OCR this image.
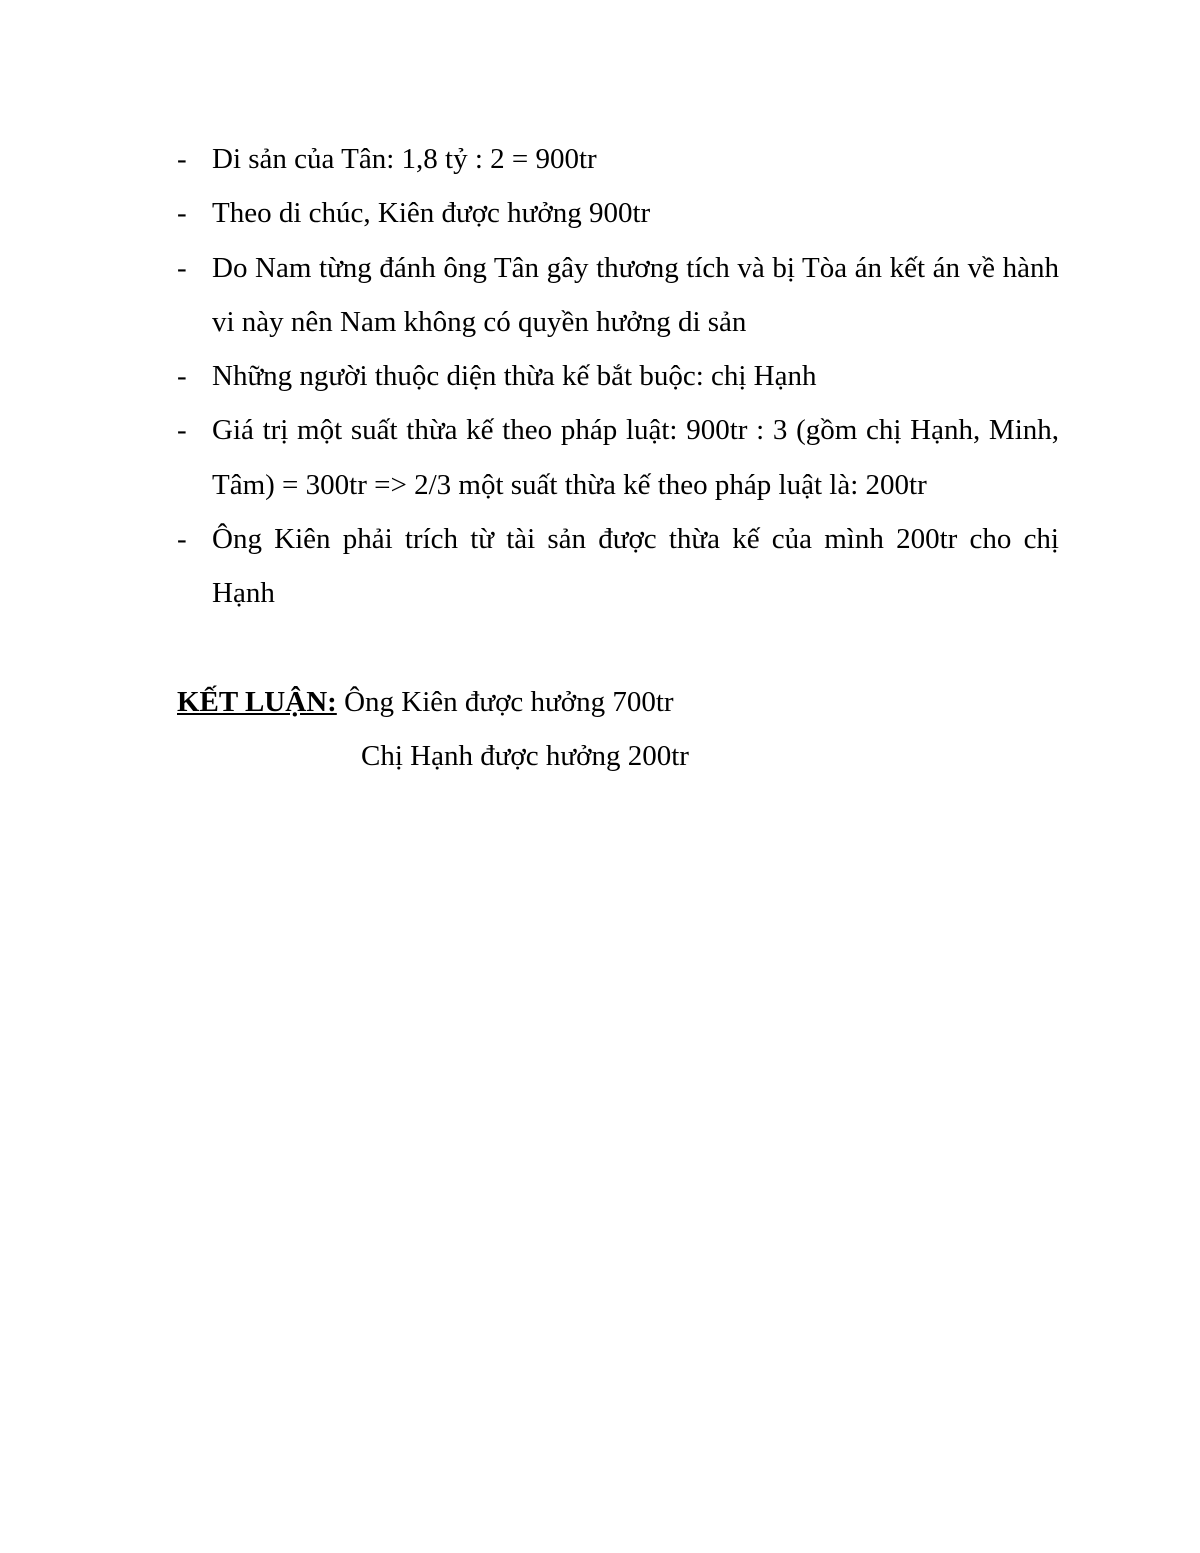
- Di sản của Tân: 1,8 tỷ : 2 = 900tr
- Theo di chúc, Kiên được hưởng 900tr
- Do Nam từng đánh ông Tân gây thương tích và bị Tòa án kết án về hành vi này nên Nam không có quyền hưởng di sản
- Những người thuộc diện thừa kế bắt buộc: chị Hạnh
- Giá trị một suất thừa kế theo pháp luật: 900tr : 3 (gồm chị Hạnh, Minh, Tâm) = 300tr => 2/3 một suất thừa kế theo pháp luật là: 200tr
- Ông Kiên phải trích từ tài sản được thừa kế của mình 200tr cho chị Hạnh
KẾT LUẬN: Ông Kiên được hưởng 700tr
Chị Hạnh được hưởng 200tr
